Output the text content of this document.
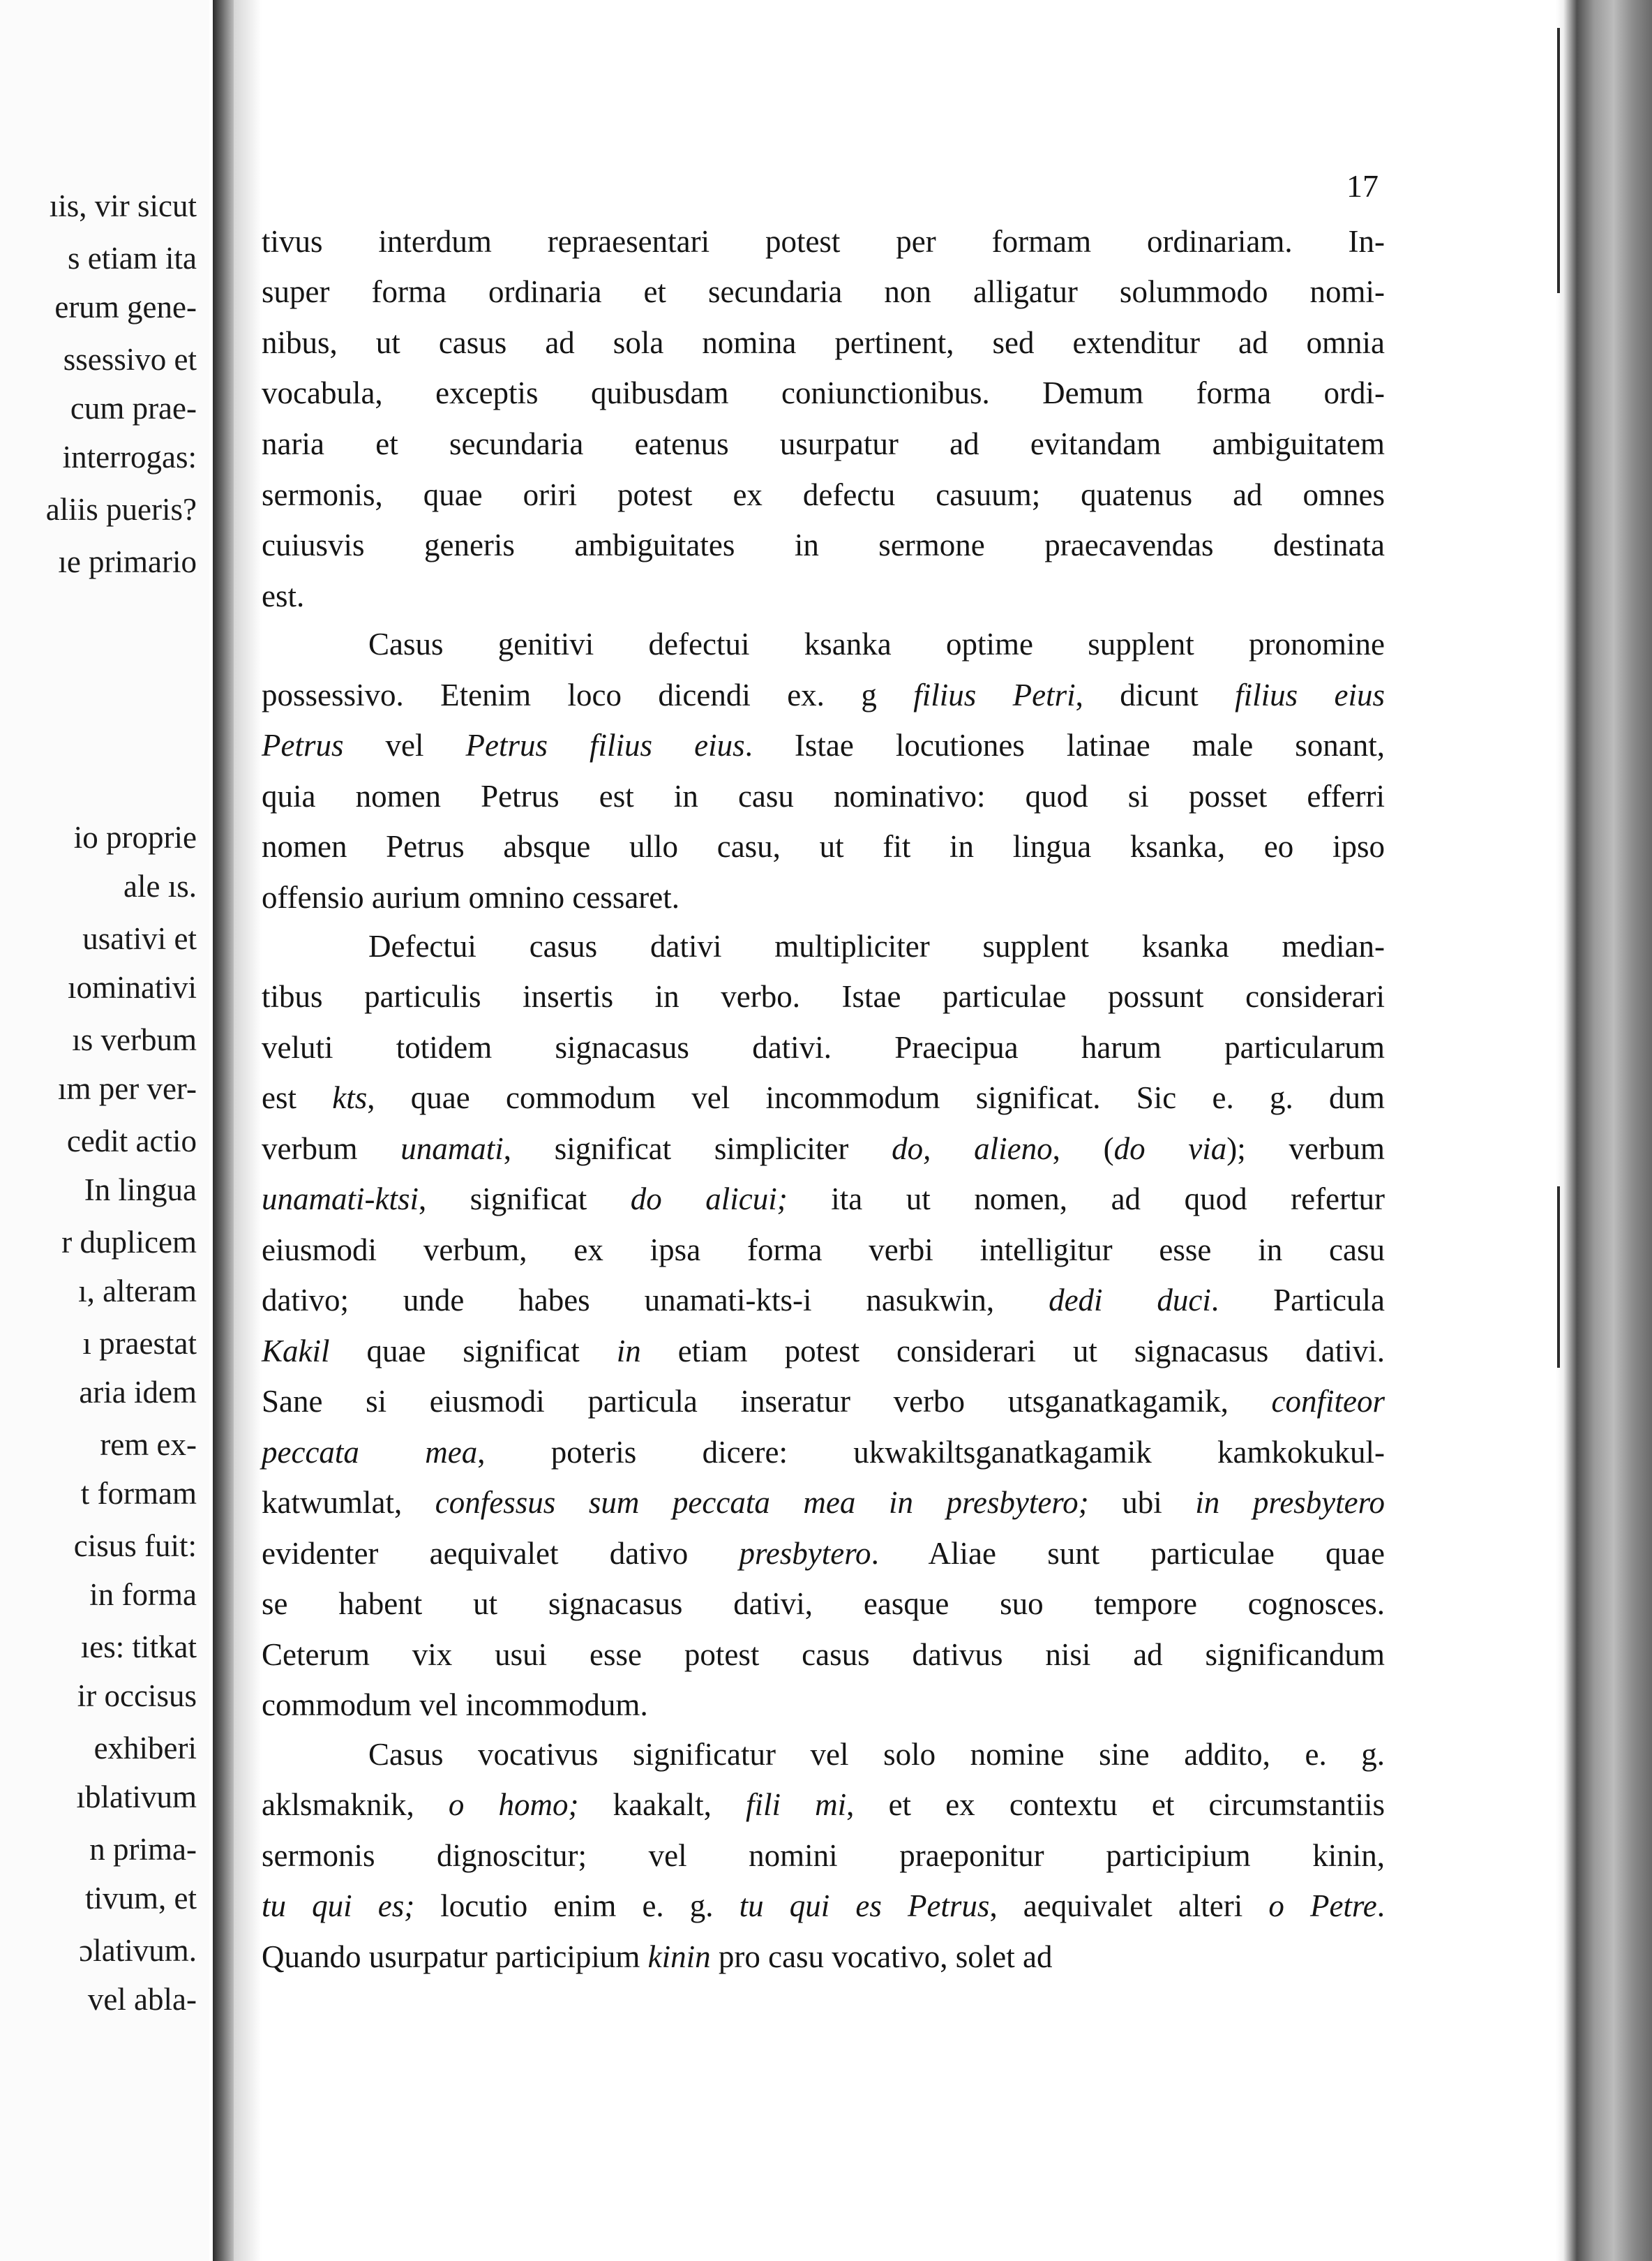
ıis, vir sicut
s etiam ita
erum gene-
ssessivo et
cum prae-
interrogas:
aliis pueris?
ıe primario
io proprie
ale ıs.
usativi et
ıominativi
ıs verbum
ım per ver-
cedit actio
In lingua
r duplicem
ı, alteram
ı praestat
aria idem
rem ex-
t formam
cisus fuit:
in forma
ıes: titkat
ir occisus
exhiberi
ıblativum
n prima-
tivum, et
ɔlativum.
vel abla-
17
tivus interdum repraesentari potest per formam ordinariam. In-
super forma ordinaria et secundaria non alligatur solummodo nomi-
nibus, ut casus ad sola nomina pertinent, sed extenditur ad omnia
vocabula, exceptis quibusdam coniunctionibus. Demum forma ordi-
naria et secundaria eatenus usurpatur ad evitandam ambiguitatem
sermonis, quae oriri potest ex defectu casuum; quatenus ad omnes
cuiusvis generis ambiguitates in sermone praecavendas destinata
est.
Casus genitivi defectui ksanka optime supplent pronomine
possessivo. Etenim loco dicendi ex. g filius Petri, dicunt filius eius
Petrus vel Petrus filius eius. Istae locutiones latinae male sonant,
quia nomen Petrus est in casu nominativo: quod si posset efferri
nomen Petrus absque ullo casu, ut fit in lingua ksanka, eo ipso
offensio aurium omnino cessaret.
Defectui casus dativi multipliciter supplent ksanka median-
tibus particulis insertis in verbo. Istae particulae possunt considerari
veluti totidem signacasus dativi. Praecipua harum particularum
est kts, quae commodum vel incommodum significat. Sic e. g. dum
verbum unamati, significat simpliciter do, alieno, (do via); verbum
unamati-ktsi, significat do alicui; ita ut nomen, ad quod refertur
eiusmodi verbum, ex ipsa forma verbi intelligitur esse in casu
dativo; unde habes unamati-kts-i nasukwin, dedi duci. Particula
Kakil quae significat in etiam potest considerari ut signacasus dativi.
Sane si eiusmodi particula inseratur verbo utsganatkagamik, confiteor
peccata mea, poteris dicere: ukwakiltsganatkagamik kamkokukul-
katwumlat, confessus sum peccata mea in presbytero; ubi in presbytero
evidenter aequivalet dativo presbytero. Aliae sunt particulae quae
se habent ut signacasus dativi, easque suo tempore cognosces.
Ceterum vix usui esse potest casus dativus nisi ad significandum
commodum vel incommodum.
Casus vocativus significatur vel solo nomine sine addito, e. g.
aklsmaknik, o homo; kaakalt, fili mi, et ex contextu et circumstantiis
sermonis dignoscitur; vel nomini praeponitur participium kinin,
tu qui es; locutio enim e. g. tu qui es Petrus, aequivalet alteri o Petre.
Quando usurpatur participium kinin pro casu vocativo, solet ad
